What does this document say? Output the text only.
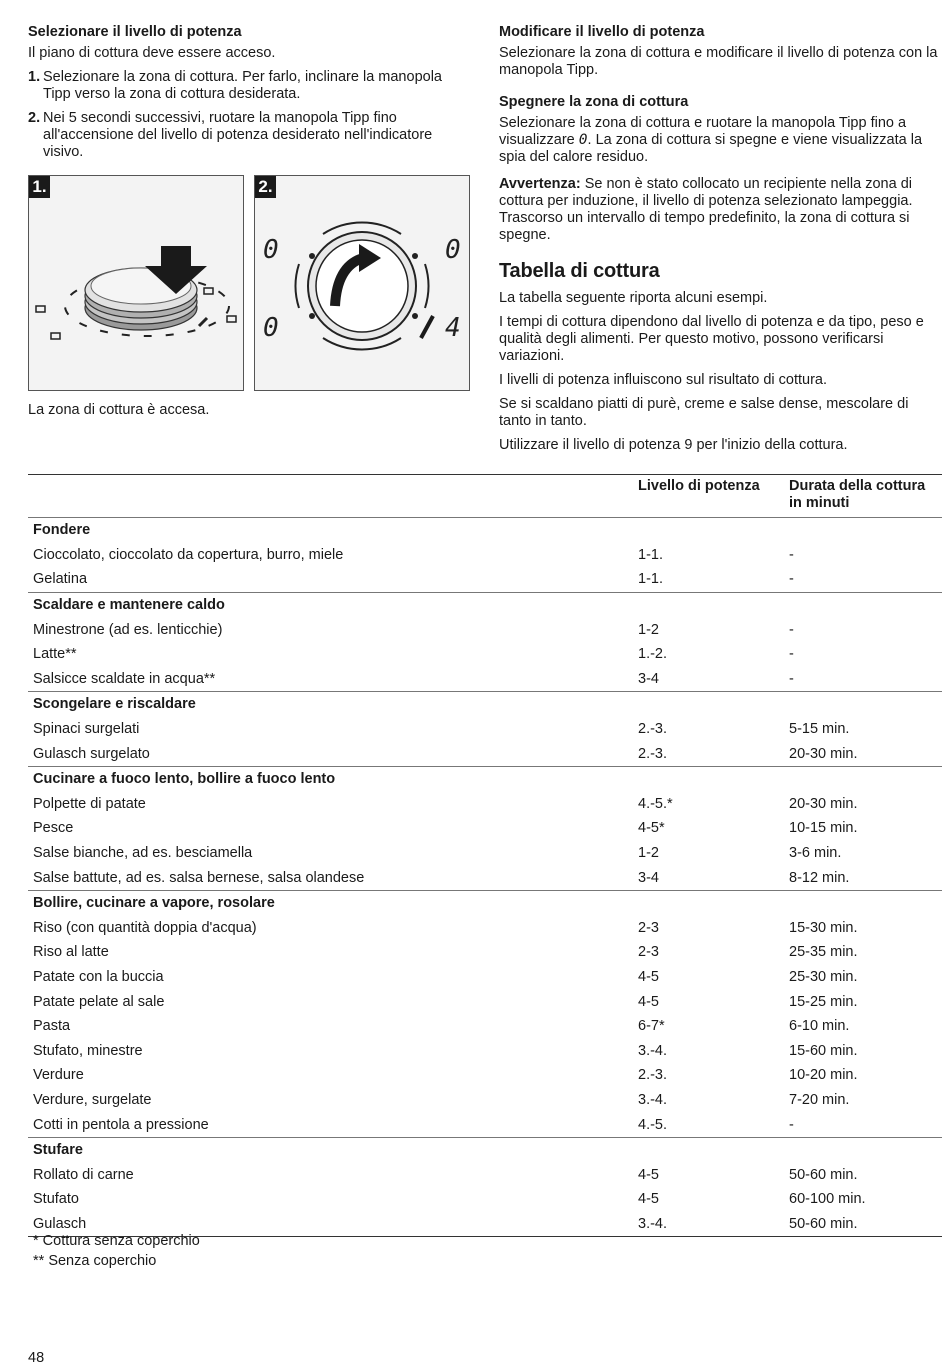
Selezionare il livello di potenza

Il piano di cottura deve essere acceso.

1. Selezionare la zona di cottura. Per farlo, inclinare la manopola Tipp verso la zona di cottura desiderata.
2. Nei 5 secondi successivi, ruotare la manopola Tipp fino all'accensione del livello di potenza desiderato nell'indicatore visivo.
1.
0	0
0	4
2.

La zona di cottura è accesa.

Modificare il livello di potenza

Selezionare la zona di cottura e modificare il livello di potenza con la manopola Tipp.

Spegnere la zona di cottura

Selezionare la zona di cottura e ruotare la manopola Tipp fino a visualizzare 0. La zona di cottura si spegne e viene visualizzata la spia del calore residuo.

Avvertenza: Se non è stato collocato un recipiente nella zona di cottura per induzione, il livello di potenza selezionato lampeggia. Trascorso un intervallo di tempo predefinito, la zona di cottura si spegne.

Tabella di cottura

La tabella seguente riporta alcuni esempi.

I tempi di cottura dipendono dal livello di potenza e da tipo, peso e qualità degli alimenti. Per questo motivo, possono verificarsi variazioni.

I livelli di potenza influiscono sul risultato di cottura.

Se si scaldano piatti di purè, creme e salse dense, mescolare di tanto in tanto.

Utilizzare il livello di potenza 9 per l'inizio della cottura.

	Livello di potenza	Durata della cottura in minuti
Fondere		
Cioccolato, cioccolato da copertura, burro, miele	1-1.	-
Gelatina	1-1.	-
Scaldare e mantenere caldo		
Minestrone (ad es. lenticchie)	1-2	-
Latte**	1.-2.	-
Salsicce scaldate in acqua**	3-4	-
Scongelare e riscaldare		
Spinaci surgelati	2.-3.	5-15 min.
Gulasch surgelato	2.-3.	20-30 min.
Cucinare a fuoco lento, bollire a fuoco lento		
Polpette di patate	4.-5.*	20-30 min.
Pesce	4-5*	10-15 min.
Salse bianche, ad es. besciamella	1-2	3-6 min.
Salse battute, ad es. salsa bernese, salsa olandese	3-4	8-12 min.
Bollire, cucinare a vapore, rosolare		
Riso (con quantità doppia d'acqua)	2-3	15-30 min.
Riso al latte	2-3	25-35 min.
Patate con la buccia	4-5	25-30 min.
Patate pelate al sale	4-5	15-25 min.
Pasta	6-7*	6-10 min.
Stufato, minestre	3.-4.	15-60 min.
Verdure	2.-3.	10-20 min.
Verdure, surgelate	3.-4.	7-20 min.
Cotti in pentola a pressione	4.-5.	-
Stufare		
Rollato di carne	4-5	50-60 min.
Stufato	4-5	60-100 min.
Gulasch	3.-4.	50-60 min.

* Cottura senza coperchio

** Senza coperchio

48
